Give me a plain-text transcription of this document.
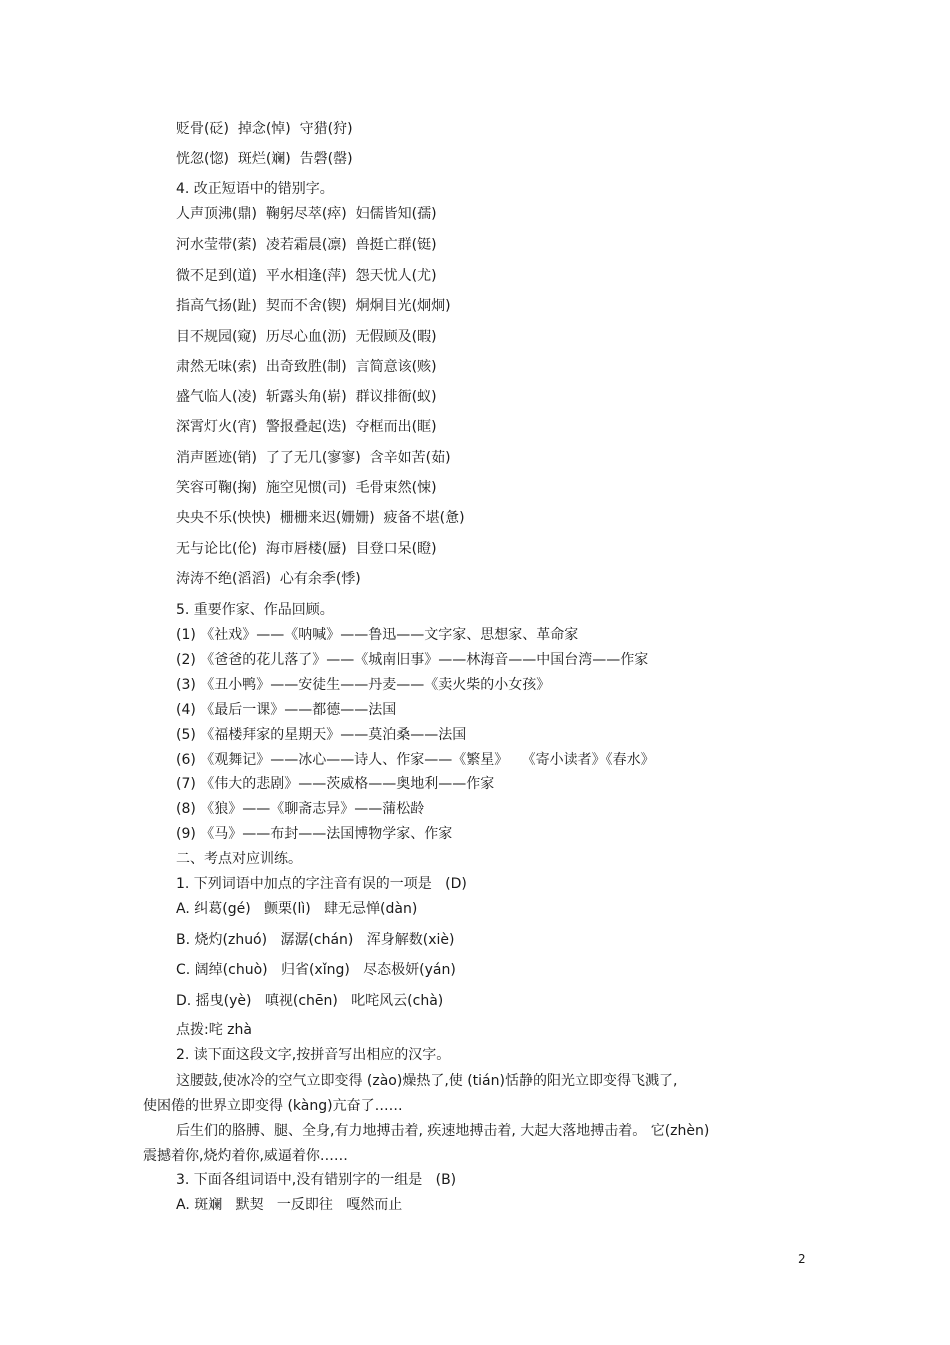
贬骨(砭)  掉念(悼)  守猎(狩)
恍忽(惚)  斑烂(斓)  告磬(罄)
4. 改正短语中的错别字。
人声顶沸(鼎)  鞠躬尽萃(瘁)  妇儒皆知(孺)
河水莹带(萦)  凌若霜晨(凛)  兽挺亡群(铤)
微不足到(道)  平水相逢(萍)  怨天忧人(尤)
指高气扬(趾)  契而不舍(锲)  烔烔目光(炯炯)
目不规园(窥)  历尽心血(沥)  无假顾及(暇)
肃然无味(索)  出奇致胜(制)  言简意该(赅)
盛气临人(凌)  斩露头角(崭)  群议排衙(蚁)
深霄灯火(宵)  警报叠起(迭)  夺框而出(眶)
消声匿迹(销)  了了无几(寥寥)  含辛如苦(茹)
笑容可鞠(掬)  施空见惯(司)  毛骨束然(悚)
央央不乐(怏怏)  栅栅来迟(姗姗)  疲备不堪(惫)
无与论比(伦)  海市唇楼(蜃)  目登口呆(瞪)
涛涛不绝(滔滔)  心有余季(悸)
5. 重要作家、作品回顾。
(1) 《社戏》——《呐喊》——鲁迅——文字家、思想家、革命家
(2) 《爸爸的花儿落了》——《城南旧事》——林海音——中国台湾——作家
(3) 《丑小鸭》——安徒生——丹麦——《卖火柴的小女孩》
(4) 《最后一课》——都德——法国
(5) 《福楼拜家的星期天》——莫泊桑——法国
(6) 《观舞记》——冰心——诗人、作家——《繁星》   《寄小读者》《春水》
(7) 《伟大的悲剧》——茨威格——奥地利——作家
(8) 《狼》——《聊斋志异》——蒲松龄
(9) 《马》——布封——法国博物学家、作家
二、考点对应训练。
1. 下列词语中加点的字注音有误的一项是   (D)
A. 纠葛(gé)   颤栗(lì)   肆无忌惮(dàn)
B. 烧灼(zhuó)   潺潺(chán)   浑身解数(xiè)
C. 阔绰(chuò)   归省(xǐng)   尽态极妍(yán)
D. 摇曳(yè)   嗔视(chēn)   叱咤风云(chà)
点拨:咤 zhà
2. 读下面这段文字,按拼音写出相应的汉字。
这腰鼓,使冰冷的空气立即变得 (zào)燥热了,使 (tián)恬静的阳光立即变得飞溅了,
使困倦的世界立即变得 (kàng)亢奋了……
后生们的胳膊、腿、全身,有力地搏击着, 疾速地搏击着, 大起大落地搏击着。 它(zhèn)
震撼着你,烧灼着你,威逼着你……
3. 下面各组词语中,没有错别字的一组是   (B)
A. 斑斓   默契   一反即往   嘎然而止
2
